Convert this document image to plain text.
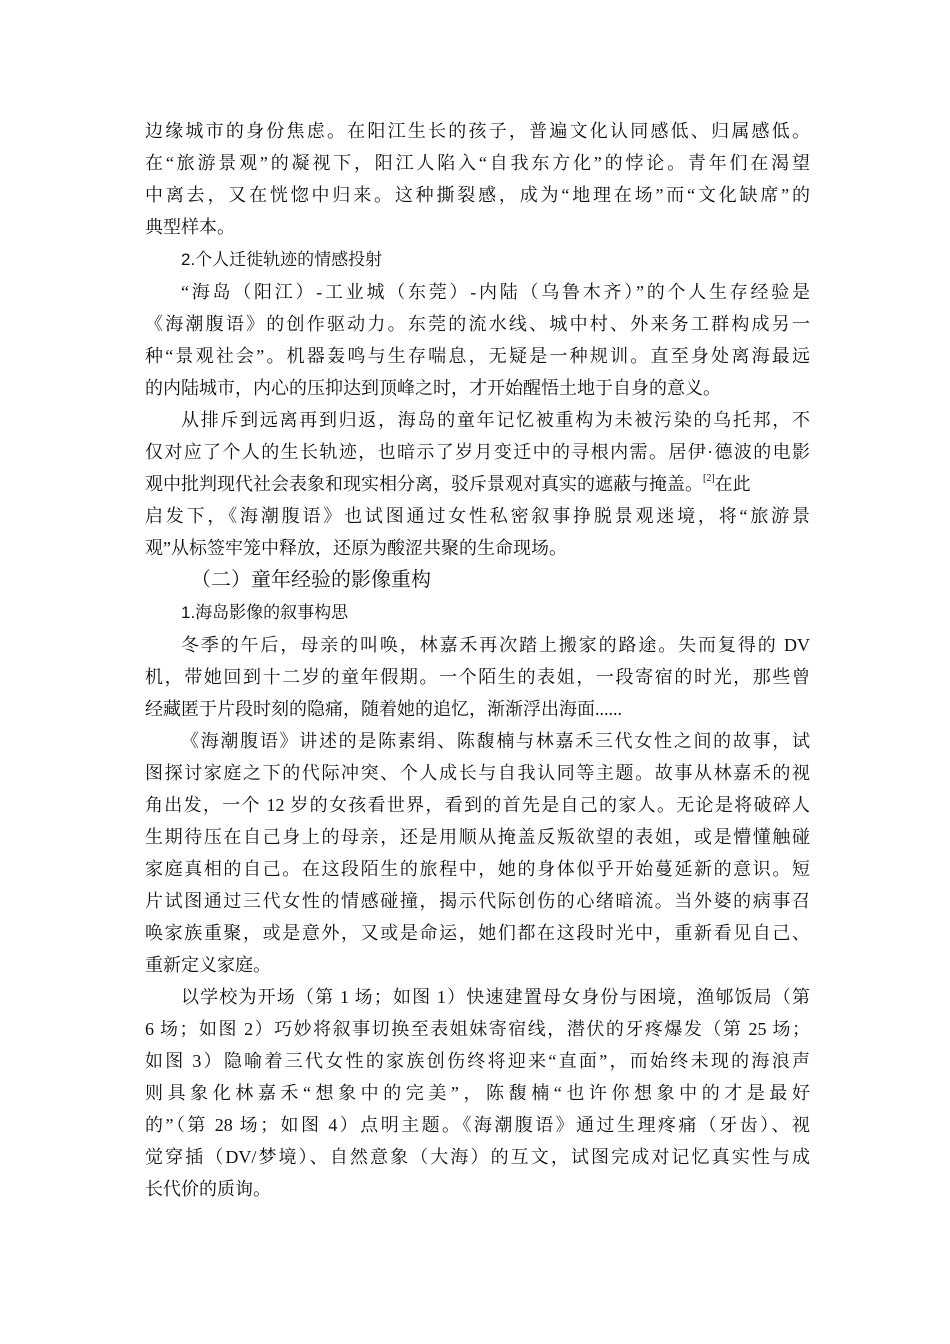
边缘城市的身份焦虑。在阳江生长的孩子，普遍文化认同感低、归属感低。
在“旅游景观”的凝视下，阳江人陷入“自我东方化”的悖论。青年们在渴望
中离去，又在恍惚中归来。这种撕裂感，成为“地理在场”而“文化缺席”的
典型样本。
2.个人迁徙轨迹的情感投射
“海岛（阳江）-工业城（东莞）-内陆（乌鲁木齐）”的个人生存经验是
《海潮腹语》的创作驱动力。东莞的流水线、城中村、外来务工群构成另一
种“景观社会”。机器轰鸣与生存喘息，无疑是一种规训。直至身处离海最远
的内陆城市，内心的压抑达到顶峰之时，才开始醒悟土地于自身的意义。
从排斥到远离再到归返，海岛的童年记忆被重构为未被污染的乌托邦，不
仅对应了个人的生长轨迹，也暗示了岁月变迁中的寻根内需。居伊·德波的电影
观中批判现代社会表象和现实相分离，驳斥景观对真实的遮蔽与掩盖。[2]在此
启发下，《海潮腹语》也试图通过女性私密叙事挣脱景观迷境，将“旅游景
观”从标签牢笼中释放，还原为酸涩共聚的生命现场。
（二）童年经验的影像重构
1.海岛影像的叙事构思
冬季的午后，母亲的叫唤，林嘉禾再次踏上搬家的路途。失而复得的 DV
机，带她回到十二岁的童年假期。一个陌生的表姐，一段寄宿的时光，那些曾
经藏匿于片段时刻的隐痛，随着她的追忆，渐渐浮出海面......
《海潮腹语》讲述的是陈素绢、陈馥楠与林嘉禾三代女性之间的故事，试
图探讨家庭之下的代际冲突、个人成长与自我认同等主题。故事从林嘉禾的视
角出发，一个 12 岁的女孩看世界，看到的首先是自己的家人。无论是将破碎人
生期待压在自己身上的母亲，还是用顺从掩盖反叛欲望的表姐，或是懵懂触碰
家庭真相的自己。在这段陌生的旅程中，她的身体似乎开始蔓延新的意识。短
片试图通过三代女性的情感碰撞，揭示代际创伤的心绪暗流。当外婆的病事召
唤家族重聚，或是意外，又或是命运，她们都在这段时光中，重新看见自己、
重新定义家庭。
以学校为开场（第 1 场；如图 1）快速建置母女身份与困境，渔郇饭局（第
6 场；如图 2）巧妙将叙事切换至表姐妹寄宿线，潜伏的牙疼爆发（第 25 场；
如图 3）隐喻着三代女性的家族创伤终将迎来“直面”，而始终未现的海浪声
则具象化林嘉禾“想象中的完美”，陈馥楠“也许你想象中的才是最好
的”（第 28 场；如图 4）点明主题。《海潮腹语》通过生理疼痛（牙齿）、视
觉穿插（DV/梦境）、自然意象（大海）的互文，试图完成对记忆真实性与成
长代价的质询。
